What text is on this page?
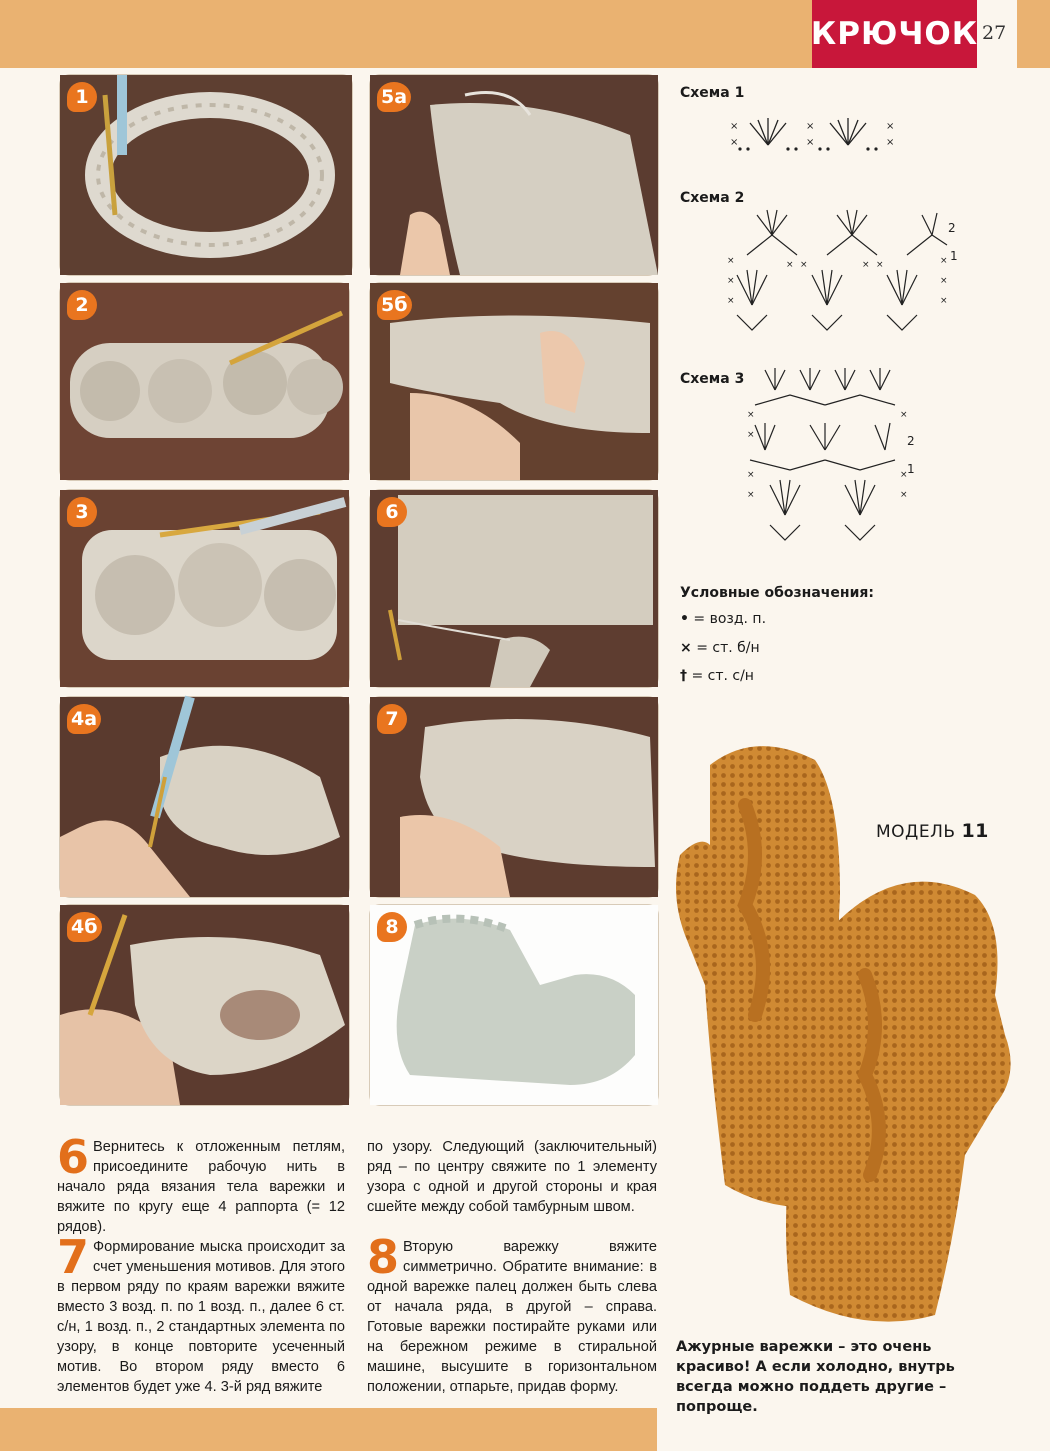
КРЮЧОК 27
1
2
3
4а
4б
5а
5б
6
7
8
Схема 1
×
×
×
×
×
×
Схема 2
×
×
×
×
×
×
× ×	× ×
2
1
Схема 3
×
×
×
×
×
×
×
2
1
Условные обозначения:
• = возд. п.
× = ст. б/н
† = ст. с/н
МОДЕЛЬ 11
Ажурные варежки – это очень красиво! А если холодно, внутрь всегда можно поддеть другие – попроще.
6 Вернитесь к отложенным петлям, присоедините рабочую нить в начало ряда вязания тела варежки и вяжите по кругу еще 4 раппорта (= 12 рядов).
7 Формирование мыска происходит за счет уменьшения мотивов. Для этого в первом ряду по краям варежки вяжите вместо 3 возд. п. по 1 возд. п., далее 6 ст. с/н, 1 возд. п., 2 стандартных элемента по узору, в конце повторите усеченный мотив. Во втором ряду вместо 6 элементов будет уже 4. 3-й ряд вяжите
по узору. Следующий (заключительный) ряд – по центру свяжите по 1 элементу узора с одной и другой стороны и края сшейте между собой тамбурным швом.
8 Вторую варежку вяжите симметрично. Обратите внимание: в одной варежке палец должен быть слева от начала ряда, в другой – справа. Готовые варежки постирайте руками или на бережном режиме в стиральной машине, высушите в горизонтальном положении, отпарьте, придав форму.
